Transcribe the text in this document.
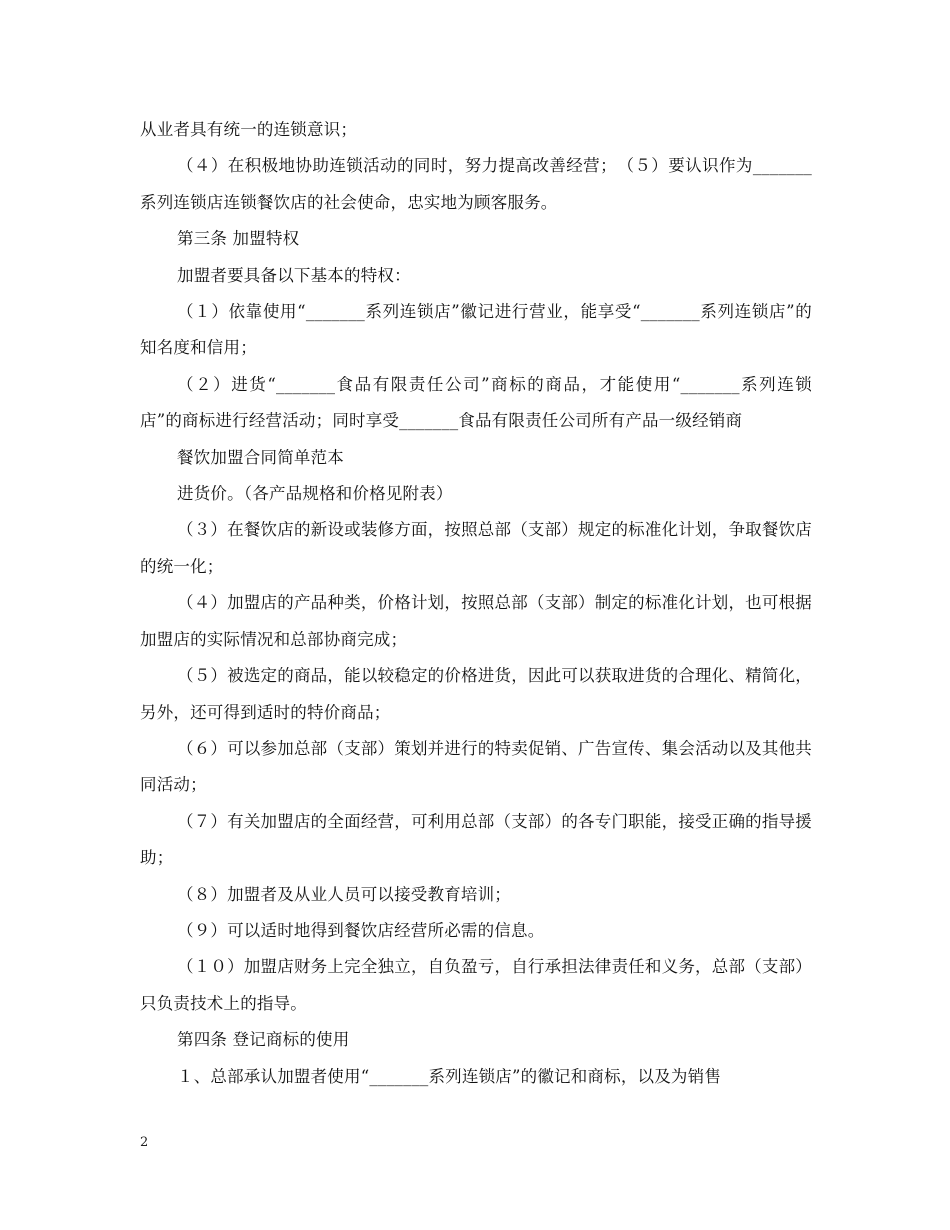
从业者具有统一的连锁意识；

（４）在积极地协助连锁活动的同时，努力提高改善经营；　（５）要认识作为_______系列连锁店连锁餐饮店的社会使命，忠实地为顾客服务。

第三条 加盟特权

加盟者要具备以下基本的特权：

（１）依靠使用“_______系列连锁店”徽记进行营业，能享受“_______系列连锁店”的知名度和信用；

（２）进货“_______食品有限责任公司”商标的商品，才能使用“_______系列连锁店”的商标进行经营活动；同时享受_______食品有限责任公司所有产品一级经销商

餐饮加盟合同简单范本

进货价。（各产品规格和价格见附表）

（３）在餐饮店的新设或装修方面，按照总部（支部）规定的标准化计划，争取餐饮店的统一化；

（４）加盟店的产品种类，价格计划，按照总部（支部）制定的标准化计划，也可根据加盟店的实际情况和总部协商完成；

（５）被选定的商品，能以较稳定的价格进货，因此可以获取进货的合理化、精简化，另外，还可得到适时的特价商品；

（６）可以参加总部（支部）策划并进行的特卖促销、广告宣传、集会活动以及其他共同活动；

（７）有关加盟店的全面经营，可利用总部（支部）的各专门职能，接受正确的指导援助；

（８）加盟者及从业人员可以接受教育培训；

（９）可以适时地得到餐饮店经营所必需的信息。

（１０）加盟店财务上完全独立，自负盈亏，自行承担法律责任和义务，总部（支部）只负责技术上的指导。

第四条 登记商标的使用

１、总部承认加盟者使用“_______系列连锁店”的徽记和商标，以及为销售

2
